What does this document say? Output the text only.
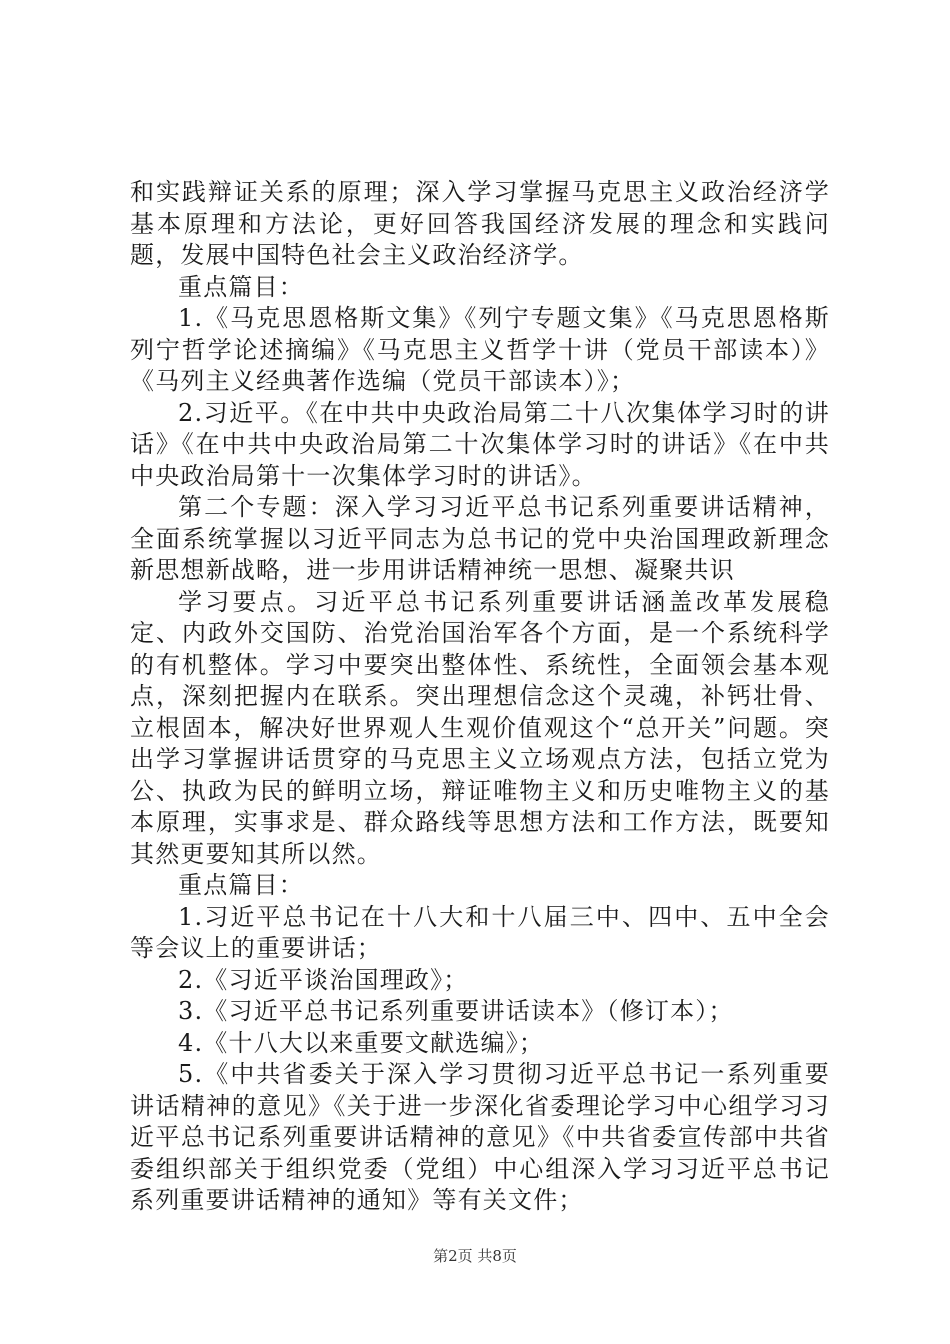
和实践辩证关系的原理；深入学习掌握马克思主义政治经济学基本原理和方法论，更好回答我国经济发展的理念和实践问题，发展中国特色社会主义政治经济学。

重点篇目：

1.《马克思恩格斯文集》《列宁专题文集》《马克思恩格斯列宁哲学论述摘编》《马克思主义哲学十讲（党员干部读本）》《马列主义经典著作选编（党员干部读本）》；

2.习近平。《在中共中央政治局第二十八次集体学习时的讲话》《在中共中央政治局第二十次集体学习时的讲话》《在中共中央政治局第十一次集体学习时的讲话》。

第二个专题：深入学习习近平总书记系列重要讲话精神，全面系统掌握以习近平同志为总书记的党中央治国理政新理念新思想新战略，进一步用讲话精神统一思想、凝聚共识

学习要点。习近平总书记系列重要讲话涵盖改革发展稳定、内政外交国防、治党治国治军各个方面，是一个系统科学的有机整体。学习中要突出整体性、系统性，全面领会基本观点，深刻把握内在联系。突出理想信念这个灵魂，补钙壮骨、立根固本，解决好世界观人生观价值观这个“总开关”问题。突出学习掌握讲话贯穿的马克思主义立场观点方法，包括立党为公、执政为民的鲜明立场，辩证唯物主义和历史唯物主义的基本原理，实事求是、群众路线等思想方法和工作方法，既要知其然更要知其所以然。

重点篇目：

1.习近平总书记在十八大和十八届三中、四中、五中全会等会议上的重要讲话；

2.《习近平谈治国理政》；

3.《习近平总书记系列重要讲话读本》（修订本）；

4.《十八大以来重要文献选编》；

5.《中共省委关于深入学习贯彻习近平总书记一系列重要讲话精神的意见》《关于进一步深化省委理论学习中心组学习习近平总书记系列重要讲话精神的意见》《中共省委宣传部中共省委组织部关于组织党委（党组）中心组深入学习习近平总书记系列重要讲话精神的通知》等有关文件；

第2页 共8页
